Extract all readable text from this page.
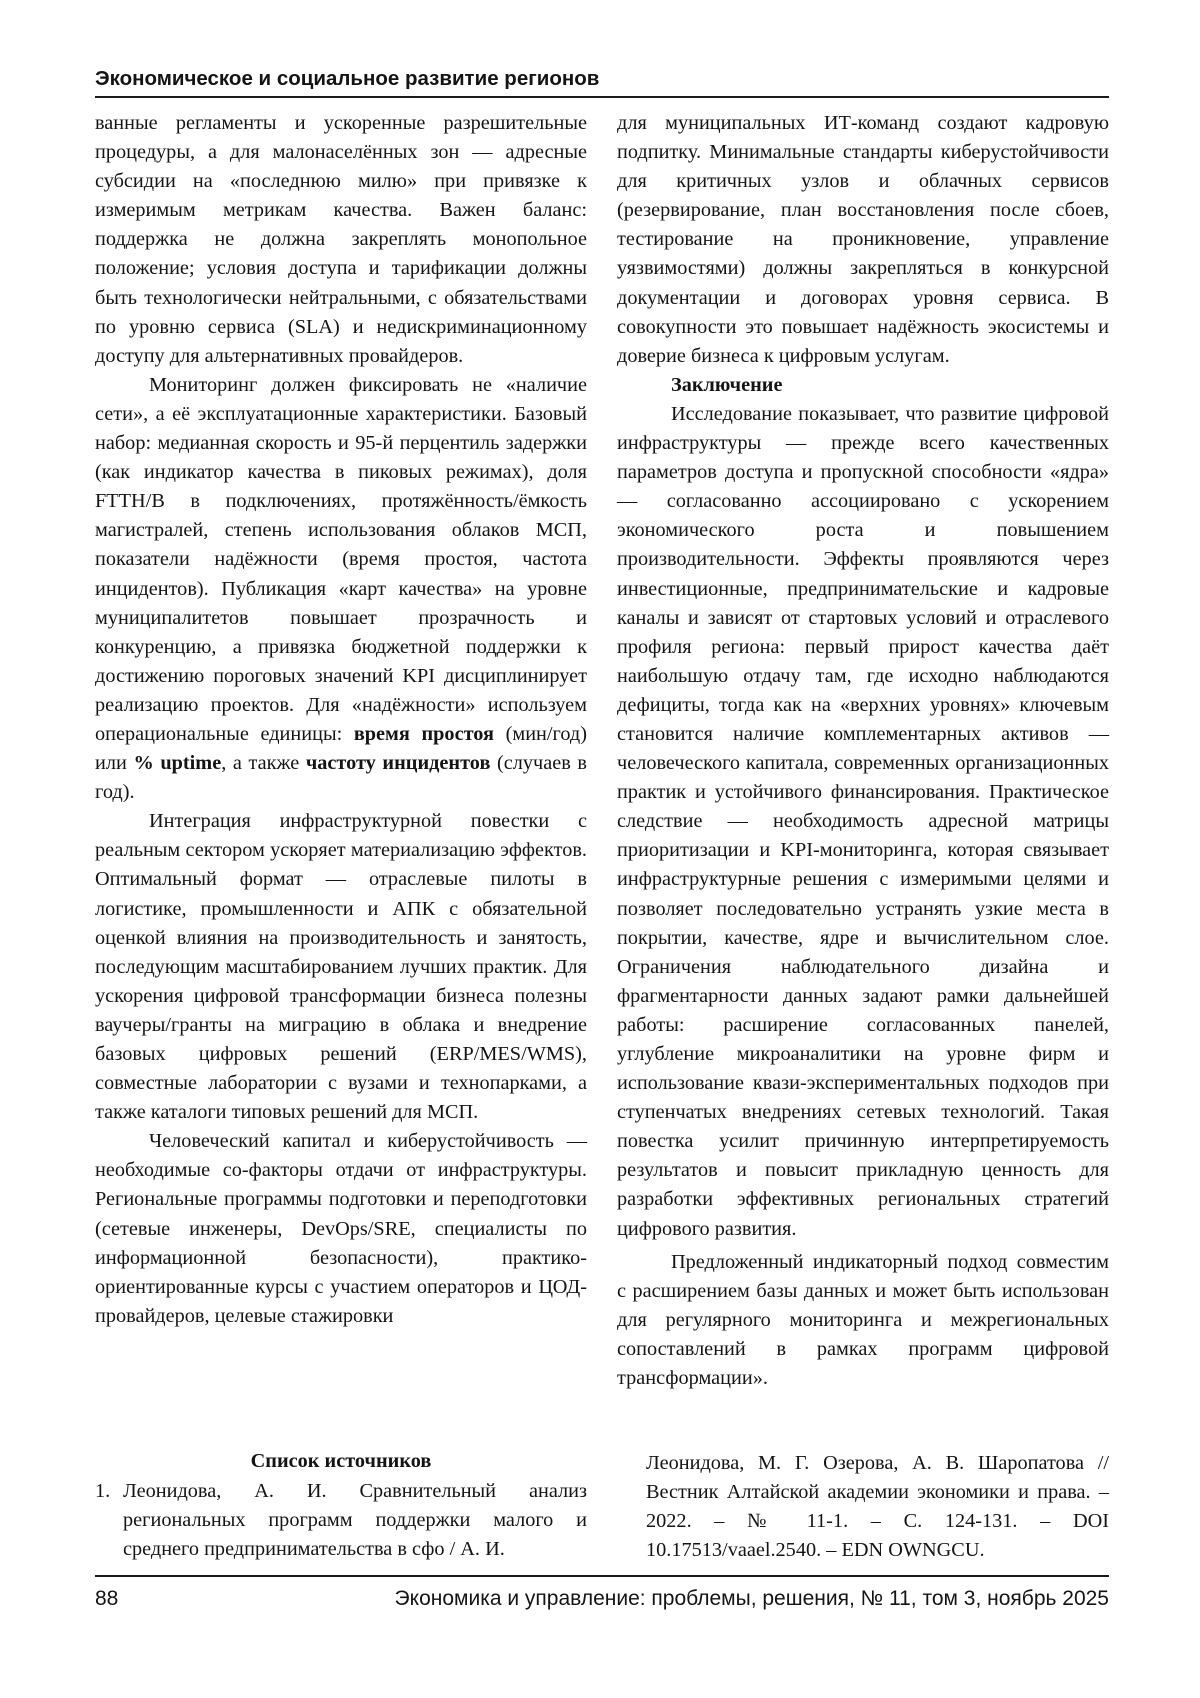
Экономическое и социальное развитие регионов

ванные регламенты и ускоренные разрешительные процедуры, а для малонаселённых зон — адресные субсидии на «последнюю милю» при привязке к измеримым метрикам качества. Важен баланс: поддержка не должна закреплять монопольное положение; условия доступа и тарификации должны быть технологически нейтральными, с обязательствами по уровню сервиса (SLA) и недискриминационному доступу для альтернативных провайдеров.

Мониторинг должен фиксировать не «наличие сети», а её эксплуатационные характеристики. Базовый набор: медианная скорость и 95-й перцентиль задержки (как индикатор качества в пиковых режимах), доля FTTH/B в подключениях, протяжённость/ёмкость магистралей, степень использования облаков МСП, показатели надёжности (время простоя, частота инцидентов). Публикация «карт качества» на уровне муниципалитетов повышает прозрачность и конкуренцию, а привязка бюджетной поддержки к достижению пороговых значений KPI дисциплинирует реализацию проектов. Для «надёжности» используем операциональные единицы: время простоя (мин/год) или % uptime, а также частоту инцидентов (случаев в год).

Интеграция инфраструктурной повестки с реальным сектором ускоряет материализацию эффектов. Оптимальный формат — отраслевые пилоты в логистике, промышленности и АПК с обязательной оценкой влияния на производительность и занятость, последующим масштабированием лучших практик. Для ускорения цифровой трансформации бизнеса полезны ваучеры/гранты на миграцию в облака и внедрение базовых цифровых решений (ERP/MES/WMS), совместные лаборатории с вузами и технопарками, а также каталоги типовых решений для МСП.

Человеческий капитал и киберустойчивость — необходимые со-факторы отдачи от инфраструктуры. Региональные программы подготовки и переподготовки (сетевые инженеры, DevOps/SRE, специалисты по информационной безопасности), практико-ориентированные курсы с участием операторов и ЦОД-провайдеров, целевые стажировки

для муниципальных ИТ-команд создают кадровую подпитку. Минимальные стандарты киберустойчивости для критичных узлов и облачных сервисов (резервирование, план восстановления после сбоев, тестирование на проникновение, управление уязвимостями) должны закрепляться в конкурсной документации и договорах уровня сервиса. В совокупности это повышает надёжность экосистемы и доверие бизнеса к цифровым услугам.

Заключение

Исследование показывает, что развитие цифровой инфраструктуры — прежде всего качественных параметров доступа и пропускной способности «ядра» — согласованно ассоциировано с ускорением экономического роста и повышением производительности. Эффекты проявляются через инвестиционные, предпринимательские и кадровые каналы и зависят от стартовых условий и отраслевого профиля региона: первый прирост качества даёт наибольшую отдачу там, где исходно наблюдаются дефициты, тогда как на «верхних уровнях» ключевым становится наличие комплементарных активов — человеческого капитала, современных организационных практик и устойчивого финансирования. Практическое следствие — необходимость адресной матрицы приоритизации и KPI-мониторинга, которая связывает инфраструктурные решения с измеримыми целями и позволяет последовательно устранять узкие места в покрытии, качестве, ядре и вычислительном слое. Ограничения наблюдательного дизайна и фрагментарности данных задают рамки дальнейшей работы: расширение согласованных панелей, углубление микроаналитики на уровне фирм и использование квази-экспериментальных подходов при ступенчатых внедрениях сетевых технологий. Такая повестка усилит причинную интерпретируемость результатов и повысит прикладную ценность для разработки эффективных региональных стратегий цифрового развития.

Предложенный индикаторный подход совместим с расширением базы данных и может быть использован для регулярного мониторинга и межрегиональных сопоставлений в рамках программ цифровой трансформации».

Список источников
1. Леонидова, А. И. Сравнительный анализ региональных программ поддержки малого и среднего предпринимательства в сфо / А. И.
Леонидова, М. Г. Озерова, А. В. Шаропатова // Вестник Алтайской академии экономики и права. – 2022. – № 11-1. – С. 124-131. – DOI 10.17513/vaael.2540. – EDN OWNGCU.
88	Экономика и управление: проблемы, решения, № 11, том 3, ноябрь 2025
